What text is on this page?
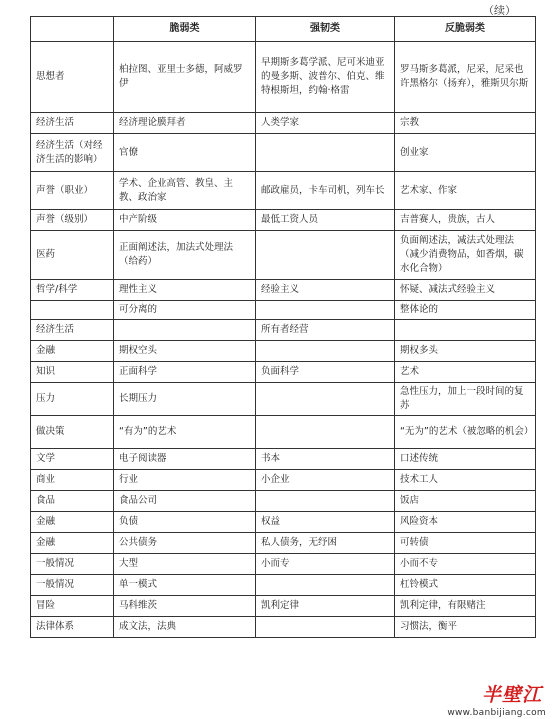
（续）
	脆弱类	强韧类	反脆弱类
思想者	柏拉图、亚里士多德，阿威罗伊	早期斯多葛学派、尼可米迪亚的曼多斯、波普尔、伯克、维特根斯坦，约翰·格雷	罗马斯多葛派，尼采，尼采也许黑格尔（扬弃），雅斯贝尔斯
经济生活	经济理论膜拜者	人类学家	宗教
经济生活（对经济生活的影响）	官僚		创业家
声誉（职业）	学术、企业高管、教皇、主教、政治家	邮政雇员，卡车司机，列车长	艺术家、作家
声誉（级别）	中产阶级	最低工资人员	吉普赛人，贵族，古人
医药	正面阐述法，加法式处理法（给药）		负面阐述法，减法式处理法（减少消费物品，如香烟，碳水化合物）
哲学/科学	理性主义	经验主义	怀疑、减法式经验主义
	可分离的		整体论的
经济生活		所有者经营	
金融	期权空头		期权多头
知识	正面科学	负面科学	艺术
压力	长期压力		急性压力，加上一段时间的复苏
做决策	“有为”的艺术		“无为”的艺术（被忽略的机会）
文学	电子阅读器	书本	口述传统
商业	行业	小企业	技术工人
食品	食品公司		饭店
金融	负债	权益	风险资本
金融	公共债务	私人债务，无纾困	可转债
一般情况	大型	小而专	小而不专
一般情况	单一模式		杠铃模式
冒险	马科维茨	凯利定律	凯利定律，有限赌注
法律体系	成文法，法典		习惯法，衡平
半壁江
www.banbijiang.com
